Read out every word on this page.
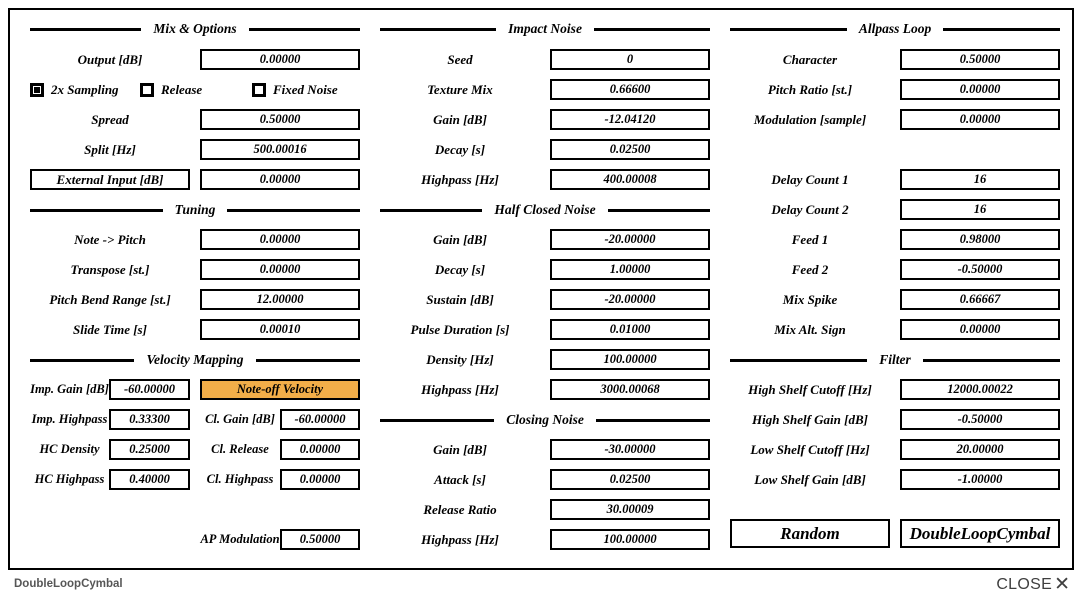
Mix & Options
Output [dB]	0.00000
2x Sampling	Release	Fixed Noise
Spread	0.50000
Split [Hz]	500.00016
External Input [dB]	0.00000
Tuning
Note -> Pitch	0.00000
Transpose [st.]	0.00000
Pitch Bend Range [st.]	12.00000
Slide Time [s]	0.00010
Velocity Mapping
Imp. Gain [dB]	-60.00000	Note-off Velocity
Imp. Highpass	0.33300	Cl. Gain [dB]	-60.00000
HC Density	0.25000	Cl. Release	0.00000
HC Highpass	0.40000	Cl. Highpass	0.00000
AP Modulation	0.50000
Impact Noise
Seed	0
Texture Mix	0.66600
Gain [dB]	-12.04120
Decay [s]	0.02500
Highpass [Hz]	400.00008
Half Closed Noise
Gain [dB]	-20.00000
Decay [s]	1.00000
Sustain [dB]	-20.00000
Pulse Duration [s]	0.01000
Density [Hz]	100.00000
Highpass [Hz]	3000.00068
Closing Noise
Gain [dB]	-30.00000
Attack [s]	0.02500
Release Ratio	30.00009
Highpass [Hz]	100.00000
Allpass Loop
Character	0.50000
Pitch Ratio [st.]	0.00000
Modulation [sample]	0.00000
Delay Count 1	16
Delay Count 2	16
Feed 1	0.98000
Feed 2	-0.50000
Mix Spike	0.66667
Mix Alt. Sign	0.00000
Filter
High Shelf Cutoff [Hz]	12000.00022
High Shelf Gain [dB]	-0.50000
Low Shelf Cutoff [Hz]	20.00000
Low Shelf Gain [dB]	-1.00000
Random	DoubleLoopCymbal
DoubleLoopCymbal	CLOSE ✕
